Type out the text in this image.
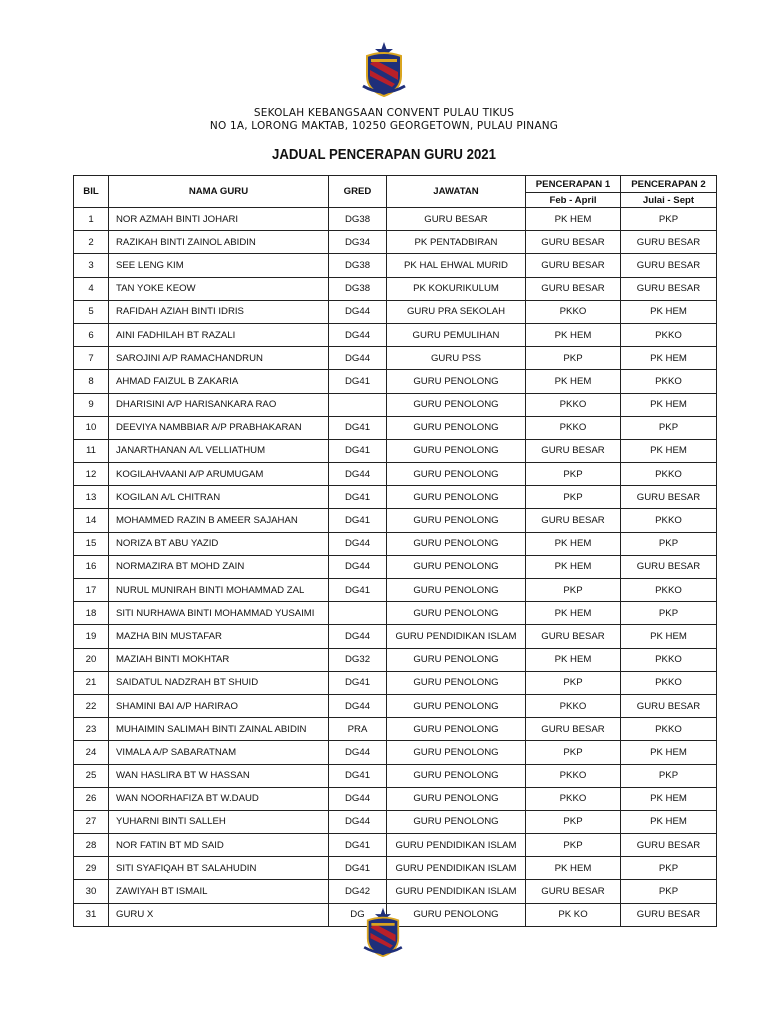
SEKOLAH KEBANGSAAN CONVENT PULAU TIKUS
NO 1A, LORONG MAKTAB, 10250 GEORGETOWN, PULAU PINANG
JADUAL PENCERAPAN GURU 2021
BIL	NAMA GURU	GRED	JAWATAN	PENCERAPAN 1	PENCERAPAN 2
				Feb - April	Julai - Sept
1	NOR AZMAH BINTI JOHARI	DG38	GURU BESAR	PK HEM	PKP
2	RAZIKAH BINTI ZAINOL ABIDIN	DG34	PK PENTADBIRAN	GURU BESAR	GURU BESAR
3	SEE LENG KIM	DG38	PK HAL EHWAL MURID	GURU BESAR	GURU BESAR
4	TAN YOKE KEOW	DG38	PK KOKURIKULUM	GURU BESAR	GURU BESAR
5	RAFIDAH AZIAH BINTI IDRIS	DG44	GURU PRA SEKOLAH	PKKO	PK HEM
6	AINI FADHILAH BT RAZALI	DG44	GURU PEMULIHAN	PK HEM	PKKO
7	SAROJINI A/P RAMACHANDRUN	DG44	GURU PSS	PKP	PK HEM
8	AHMAD FAIZUL B ZAKARIA	DG41	GURU PENOLONG	PK HEM	PKKO
9	DHARISINI A/P HARISANKARA RAO		GURU PENOLONG	PKKO	PK HEM
10	DEEVIYA NAMBBIAR A/P PRABHAKARAN	DG41	GURU PENOLONG	PKKO	PKP
11	JANARTHANAN A/L VELLIATHUM	DG41	GURU PENOLONG	GURU BESAR	PK HEM
12	KOGILAHVAANI A/P ARUMUGAM	DG44	GURU PENOLONG	PKP	PKKO
13	KOGILAN A/L CHITRAN	DG41	GURU PENOLONG	PKP	GURU BESAR
14	MOHAMMED RAZIN B AMEER SAJAHAN	DG41	GURU PENOLONG	GURU BESAR	PKKO
15	NORIZA BT ABU YAZID	DG44	GURU PENOLONG	PK HEM	PKP
16	NORMAZIRA BT MOHD ZAIN	DG44	GURU PENOLONG	PK HEM	GURU BESAR
17	NURUL MUNIRAH BINTI MOHAMMAD ZAL	DG41	GURU PENOLONG	PKP	PKKO
18	SITI NURHAWA BINTI MOHAMMAD YUSAIMI		GURU PENOLONG	PK HEM	PKP
19	MAZHA BIN MUSTAFAR	DG44	GURU PENDIDIKAN ISLAM	GURU BESAR	PK HEM
20	MAZIAH BINTI MOKHTAR	DG32	GURU PENOLONG	PK HEM	PKKO
21	SAIDATUL NADZRAH BT SHUID	DG41	GURU PENOLONG	PKP	PKKO
22	SHAMINI BAI A/P HARIRAO	DG44	GURU PENOLONG	PKKO	GURU BESAR
23	MUHAIMIN SALIMAH BINTI ZAINAL ABIDIN	PRA	GURU PENOLONG	GURU BESAR	PKKO
24	VIMALA A/P SABARATNAM	DG44	GURU PENOLONG	PKP	PK HEM
25	WAN HASLIRA BT W HASSAN	DG41	GURU PENOLONG	PKKO	PKP
26	WAN NOORHAFIZA BT W.DAUD	DG44	GURU PENOLONG	PKKO	PK HEM
27	YUHARNI BINTI SALLEH	DG44	GURU PENOLONG	PKP	PK HEM
28	NOR FATIN BT MD SAID	DG41	GURU PENDIDIKAN ISLAM	PKP	GURU BESAR
29	SITI SYAFIQAH BT SALAHUDIN	DG41	GURU PENDIDIKAN ISLAM	PK HEM	PKP
30	ZAWIYAH BT ISMAIL	DG42	GURU PENDIDIKAN ISLAM	GURU BESAR	PKP
31	GURU X	DG	GURU PENOLONG	PK KO	GURU BESAR
